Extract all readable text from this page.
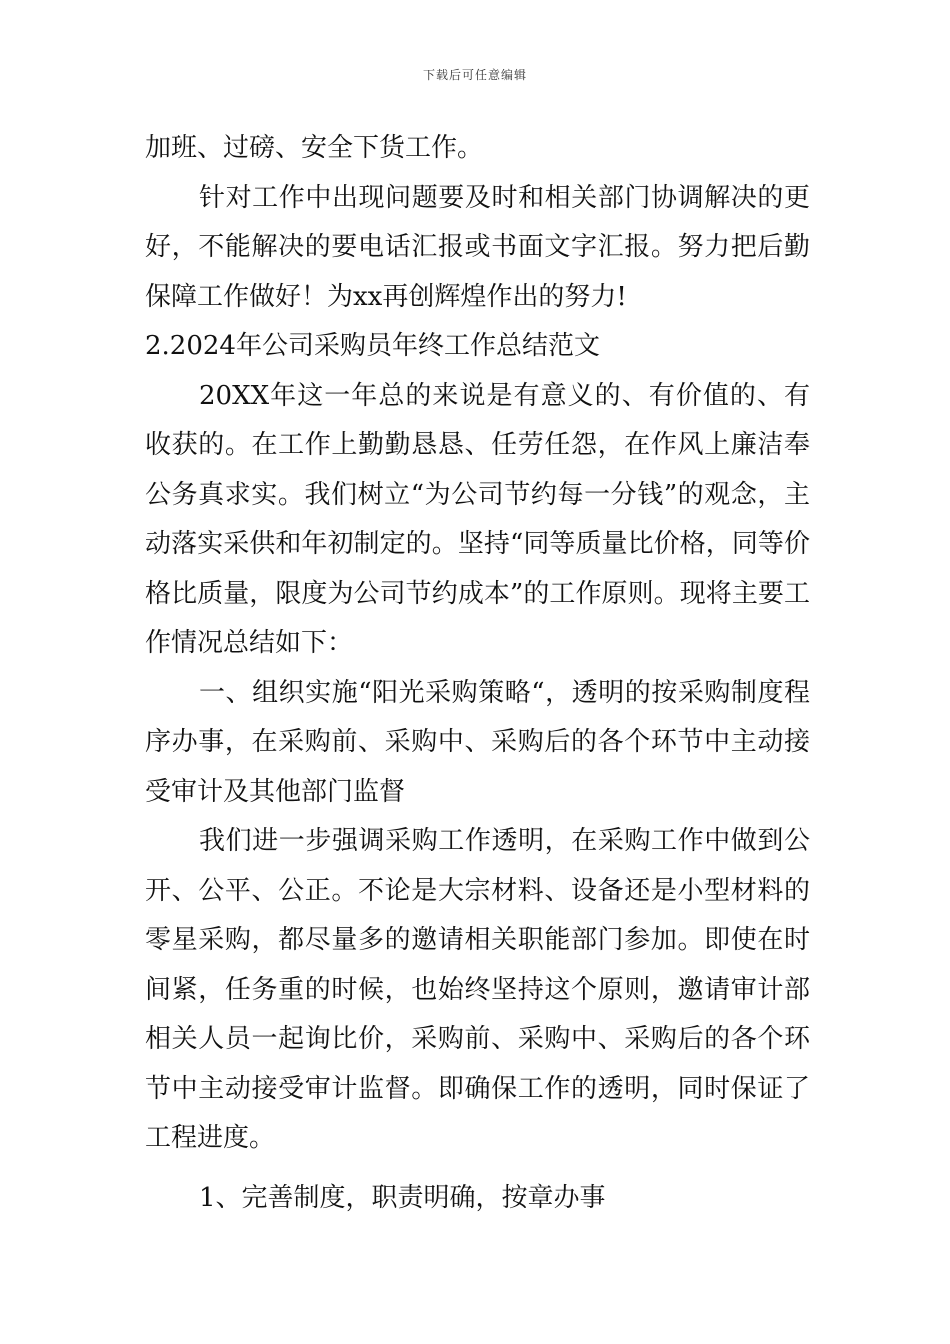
下载后可任意编辑

加班、过磅、安全下货工作。

针对工作中出现问题要及时和相关部门协调解决的更好，不能解决的要电话汇报或书面文字汇报。努力把后勤保障工作做好！为xx再创辉煌作出的努力!

2.2024年公司采购员年终工作总结范文

20XX年这一年总的来说是有意义的、有价值的、有收获的。在工作上勤勤恳恳、任劳任怨，在作风上廉洁奉公务真求实。我们树立“为公司节约每一分钱”的观念，主动落实采供和年初制定的。坚持“同等质量比价格，同等价格比质量，限度为公司节约成本”的工作原则。现将主要工作情况总结如下：

一、组织实施“阳光采购策略“，透明的按采购制度程序办事，在采购前、采购中、采购后的各个环节中主动接受审计及其他部门监督

我们进一步强调采购工作透明，在采购工作中做到公开、公平、公正。不论是大宗材料、设备还是小型材料的零星采购，都尽量多的邀请相关职能部门参加。即使在时间紧，任务重的时候，也始终坚持这个原则，邀请审计部相关人员一起询比价，采购前、采购中、采购后的各个环节中主动接受审计监督。即确保工作的透明，同时保证了工程进度。

1、完善制度，职责明确，按章办事
